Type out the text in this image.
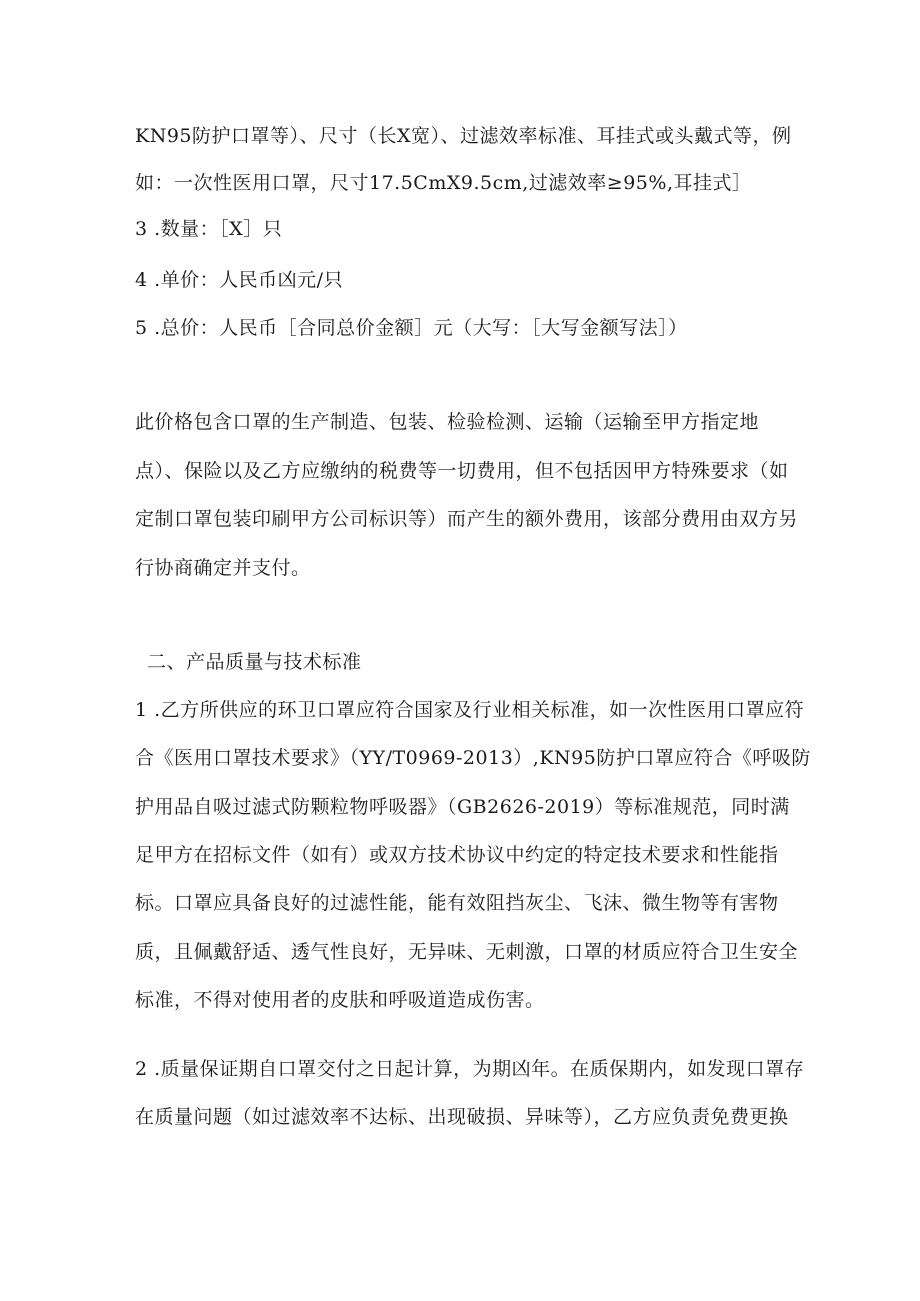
KN95防护口罩等）、尺寸（长X宽）、过滤效率标准、耳挂式或头戴式等，例
如：一次性医用口罩，尺寸17.5CmX9.5cm,过滤效率≥95%,耳挂式］
3 .数量：［X］只
4 .单价：人民币凶元/只
5 .总价：人民币［合同总价金额］元（大写：［大写金额写法］）
此价格包含口罩的生产制造、包装、检验检测、运输（运输至甲方指定地
点）、保险以及乙方应缴纳的税费等一切费用，但不包括因甲方特殊要求（如
定制口罩包装印刷甲方公司标识等）而产生的额外费用，该部分费用由双方另
行协商确定并支付。
二、产品质量与技术标准
1 .乙方所供应的环卫口罩应符合国家及行业相关标准，如一次性医用口罩应符
合《医用口罩技术要求》（YY/T0969-2013）,KN95防护口罩应符合《呼吸防
护用品自吸过滤式防颗粒物呼吸器》（GB2626-2019）等标准规范，同时满
足甲方在招标文件（如有）或双方技术协议中约定的特定技术要求和性能指
标。口罩应具备良好的过滤性能，能有效阻挡灰尘、飞沫、微生物等有害物
质，且佩戴舒适、透气性良好，无异味、无刺激，口罩的材质应符合卫生安全
标准，不得对使用者的皮肤和呼吸道造成伤害。
2 .质量保证期自口罩交付之日起计算，为期凶年。在质保期内，如发现口罩存
在质量问题（如过滤效率不达标、出现破损、异味等），乙方应负责免费更换
